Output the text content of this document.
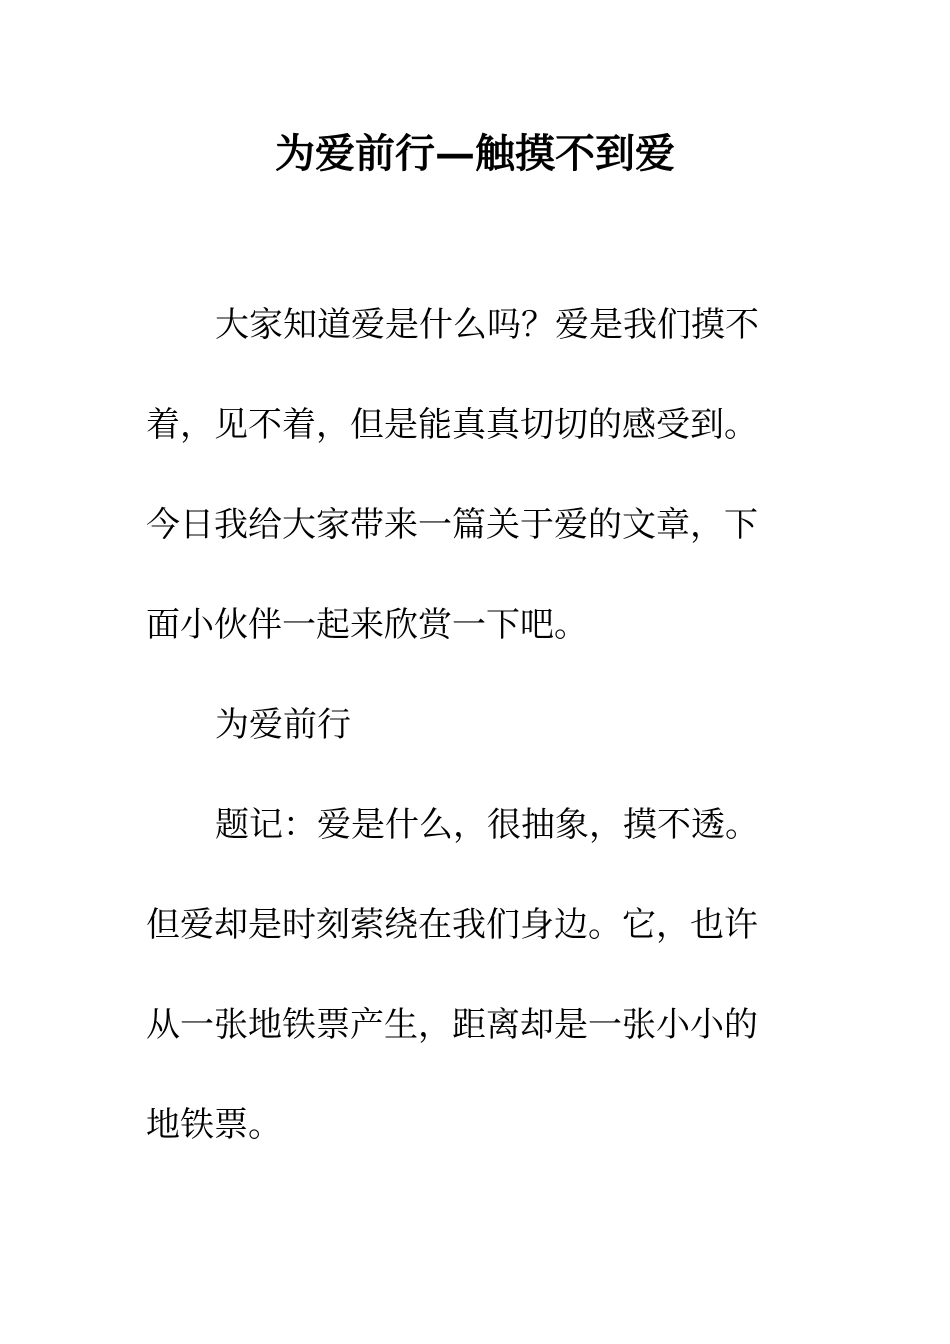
为爱前行—触摸不到爱

大家知道爱是什么吗？爱是我们摸不

着，见不着，但是能真真切切的感受到。

今日我给大家带来一篇关于爱的文章，下

面小伙伴一起来欣赏一下吧。

为爱前行

题记：爱是什么，很抽象，摸不透。

但爱却是时刻萦绕在我们身边。它，也许

从一张地铁票产生，距离却是一张小小的

地铁票。
